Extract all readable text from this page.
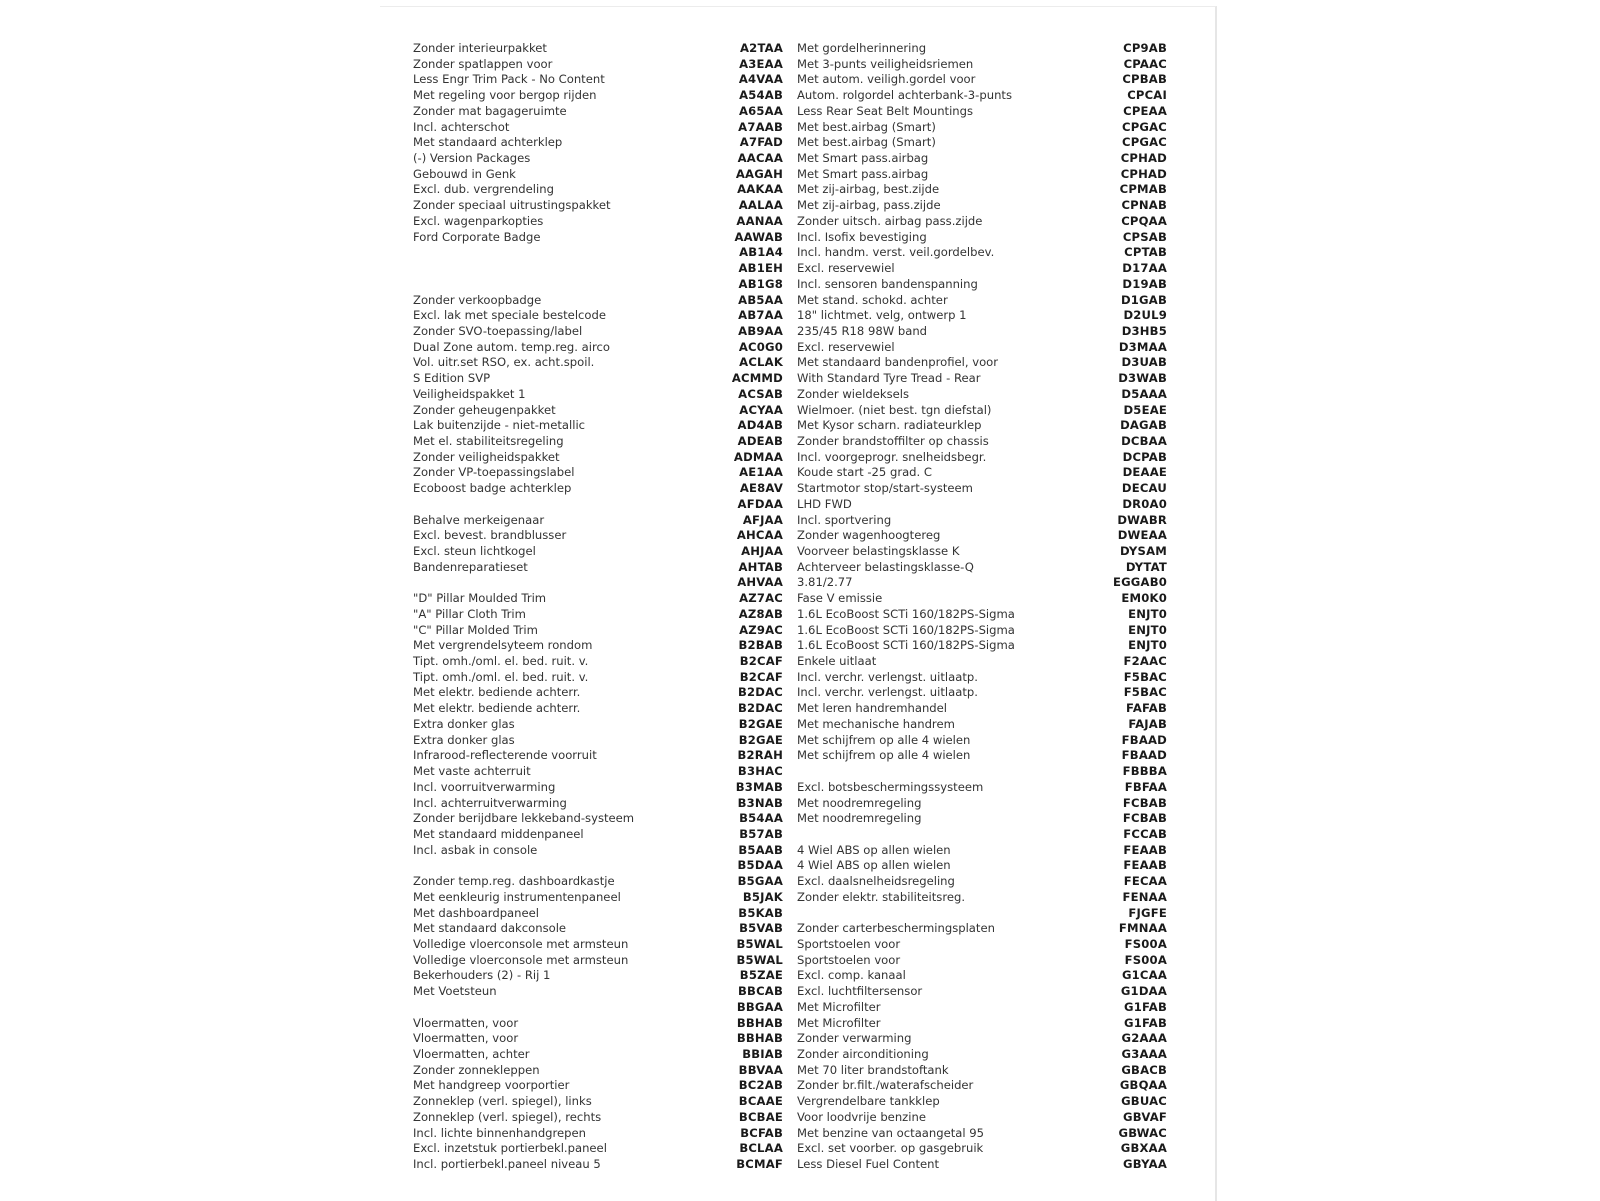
Zonder interieurpakket	A2TAA
Zonder spatlappen voor	A3EAA
Less Engr Trim Pack - No Content	A4VAA
Met regeling voor bergop rijden	A54AB
Zonder mat bagageruimte	A65AA
Incl. achterschot	A7AAB
Met standaard achterklep	A7FAD
(-) Version Packages	AACAA
Gebouwd in Genk	AAGAH
Excl. dub. vergrendeling	AAKAA
Zonder speciaal uitrustingspakket	AALAA
Excl. wagenparkopties	AANAA
Ford Corporate Badge	AAWAB
AB1A4
AB1EH
AB1G8
Zonder verkoopbadge	AB5AA
Excl. lak met speciale bestelcode	AB7AA
Zonder SVO-toepassing/label	AB9AA
Dual Zone autom. temp.reg. airco	AC0G0
Vol. uitr.set RSO, ex. acht.spoil.	ACLAK
S Edition SVP	ACMMD
Veiligheidspakket 1	ACSAB
Zonder geheugenpakket	ACYAA
Lak buitenzijde - niet-metallic	AD4AB
Met el. stabiliteitsregeling	ADEAB
Zonder veiligheidspakket	ADMAA
Zonder VP-toepassingslabel	AE1AA
Ecoboost badge achterklep	AE8AV
AFDAA
Behalve merkeigenaar	AFJAA
Excl. bevest. brandblusser	AHCAA
Excl. steun lichtkogel	AHJAA
Bandenreparatieset	AHTAB
AHVAA
"D" Pillar Moulded Trim	AZ7AC
"A" Pillar Cloth Trim	AZ8AB
"C" Pillar Molded Trim	AZ9AC
Met vergrendelsyteem rondom	B2BAB
Tipt. omh./oml. el. bed. ruit. v.	B2CAF
Tipt. omh./oml. el. bed. ruit. v.	B2CAF
Met elektr. bediende achterr.	B2DAC
Met elektr. bediende achterr.	B2DAC
Extra donker glas	B2GAE
Extra donker glas	B2GAE
Infrarood-reflecterende voorruit	B2RAH
Met vaste achterruit	B3HAC
Incl. voorruitverwarming	B3MAB
Incl. achterruitverwarming	B3NAB
Zonder berijdbare lekkeband-systeem	B54AA
Met standaard middenpaneel	B57AB
Incl. asbak in console	B5AAB
B5DAA
Zonder temp.reg. dashboardkastje	B5GAA
Met eenkleurig instrumentenpaneel	B5JAK
Met dashboardpaneel	B5KAB
Met standaard dakconsole	B5VAB
Volledige vloerconsole met armsteun	B5WAL
Volledige vloerconsole met armsteun	B5WAL
Bekerhouders (2) - Rij 1	B5ZAE
Met Voetsteun	BBCAB
BBGAA
Vloermatten, voor	BBHAB
Vloermatten, voor	BBHAB
Vloermatten, achter	BBIAB
Zonder zonnekleppen	BBVAA
Met handgreep voorportier	BC2AB
Zonneklep (verl. spiegel), links	BCAAE
Zonneklep (verl. spiegel), rechts	BCBAE
Incl. lichte binnenhandgrepen	BCFAB
Excl. inzetstuk portierbekl.paneel	BCLAA
Incl. portierbekl.paneel niveau 5	BCMAF
Met gordelherinnering	CP9AB
Met 3-punts veiligheidsriemen	CPAAC
Met autom. veiligh.gordel voor	CPBAB
Autom. rolgordel achterbank-3-punts	CPCAI
Less Rear Seat Belt Mountings	CPEAA
Met best.airbag (Smart)	CPGAC
Met best.airbag (Smart)	CPGAC
Met Smart pass.airbag	CPHAD
Met Smart pass.airbag	CPHAD
Met zij-airbag, best.zijde	CPMAB
Met zij-airbag, pass.zijde	CPNAB
Zonder uitsch. airbag pass.zijde	CPQAA
Incl. Isofix bevestiging	CPSAB
Incl. handm. verst. veil.gordelbev.	CPTAB
Excl. reservewiel	D17AA
Incl. sensoren bandenspanning	D19AB
Met stand. schokd. achter	D1GAB
18" lichtmet. velg, ontwerp 1	D2UL9
235/45 R18 98W band	D3HB5
Excl. reservewiel	D3MAA
Met standaard bandenprofiel, voor	D3UAB
With Standard Tyre Tread - Rear	D3WAB
Zonder wieldeksels	D5AAA
Wielmoer. (niet best. tgn diefstal)	D5EAE
Met Kysor scharn. radiateurklep	DAGAB
Zonder brandstoffilter op chassis	DCBAA
Incl. voorgeprogr. snelheidsbegr.	DCPAB
Koude start -25 grad. C	DEAAE
Startmotor stop/start-systeem	DECAU
LHD FWD	DR0A0
Incl. sportvering	DWABR
Zonder wagenhoogtereg	DWEAA
Voorveer belastingsklasse K	DYSAM
Achterveer belastingsklasse-Q	DYTAT
3.81/2.77	EGGAB0
Fase V emissie	EM0K0
1.6L EcoBoost SCTi 160/182PS-Sigma	ENJT0
1.6L EcoBoost SCTi 160/182PS-Sigma	ENJT0
1.6L EcoBoost SCTi 160/182PS-Sigma	ENJT0
Enkele uitlaat	F2AAC
Incl. verchr. verlengst. uitlaatp.	F5BAC
Incl. verchr. verlengst. uitlaatp.	F5BAC
Met leren handremhandel	FAFAB
Met mechanische handrem	FAJAB
Met schijfrem op alle 4 wielen	FBAAD
Met schijfrem op alle 4 wielen	FBAAD
FBBBA
Excl. botsbeschermingssysteem	FBFAA
Met noodremregeling	FCBAB
Met noodremregeling	FCBAB
FCCAB
4 Wiel ABS op allen wielen	FEAAB
4 Wiel ABS op allen wielen	FEAAB
Excl. daalsnelheidsregeling	FECAA
Zonder elektr. stabiliteitsreg.	FENAA
FJGFE
Zonder carterbeschermingsplaten	FMNAA
Sportstoelen voor	FS00A
Sportstoelen voor	FS00A
Excl. comp. kanaal	G1CAA
Excl. luchtfiltersensor	G1DAA
Met Microfilter	G1FAB
Met Microfilter	G1FAB
Zonder verwarming	G2AAA
Zonder airconditioning	G3AAA
Met 70 liter brandstoftank	GBACB
Zonder br.filt./waterafscheider	GBQAA
Vergrendelbare tankklep	GBUAC
Voor loodvrije benzine	GBVAF
Met benzine van octaangetal 95	GBWAC
Excl. set voorber. op gasgebruik	GBXAA
Less Diesel Fuel Content	GBYAA
